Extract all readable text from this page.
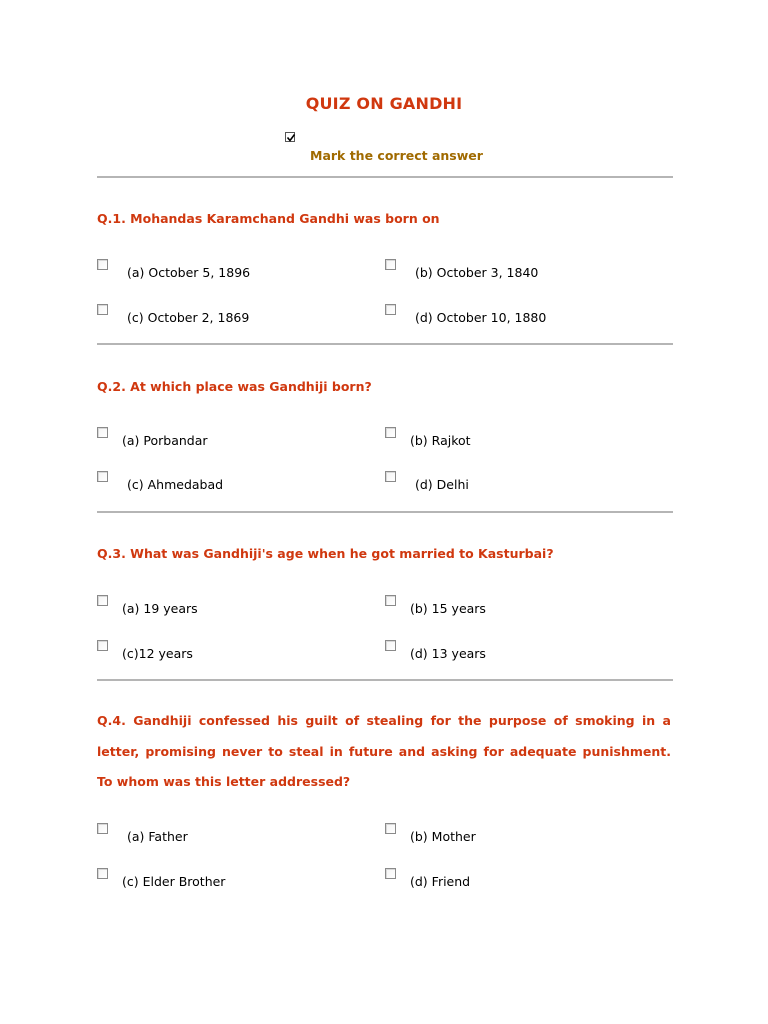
QUIZ ON GANDHI
Mark the correct answer
Q.1. Mohandas Karamchand Gandhi was born on
(a) October 5, 1896	(b) October 3, 1840
(c) October 2, 1869	(d) October 10, 1880
Q.2. At which place was Gandhiji born?
(a) Porbandar	(b) Rajkot
(c) Ahmedabad	(d) Delhi
Q.3. What was Gandhiji's age when he got married to Kasturbai?
(a) 19 years	(b) 15 years
(c)12 years	(d) 13 years
Q.4. Gandhiji confessed his guilt of stealing for the purpose of smoking in a letter, promising never to steal in future and asking for adequate punishment. To whom was this letter addressed?
(a) Father	(b) Mother
(c) Elder Brother	(d) Friend
